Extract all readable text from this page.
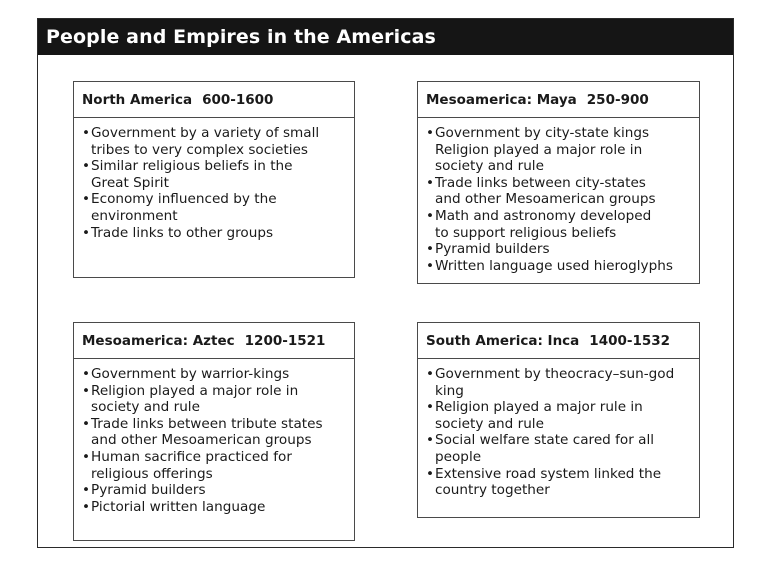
People and Empires in the Americas
North America 600-1600
• Government by a variety of small
tribes to very complex societies
• Similar religious beliefs in the
Great Spirit
• Economy influenced by the
environment
• Trade links to other groups
Mesoamerica: Maya 250-900
• Government by city-state kings
Religion played a major role in
society and rule
• Trade links between city-states
and other Mesoamerican groups
• Math and astronomy developed
to support religious beliefs
• Pyramid builders
• Written language used hieroglyphs
Mesoamerica: Aztec 1200-1521
• Government by warrior-kings
• Religion played a major role in
society and rule
• Trade links between tribute states
and other Mesoamerican groups
• Human sacrifice practiced for
religious offerings
• Pyramid builders
• Pictorial written language
South America: Inca 1400-1532
• Government by theocracy–sun-god
king
• Religion played a major rule in
society and rule
• Social welfare state cared for all
people
• Extensive road system linked the
country together
